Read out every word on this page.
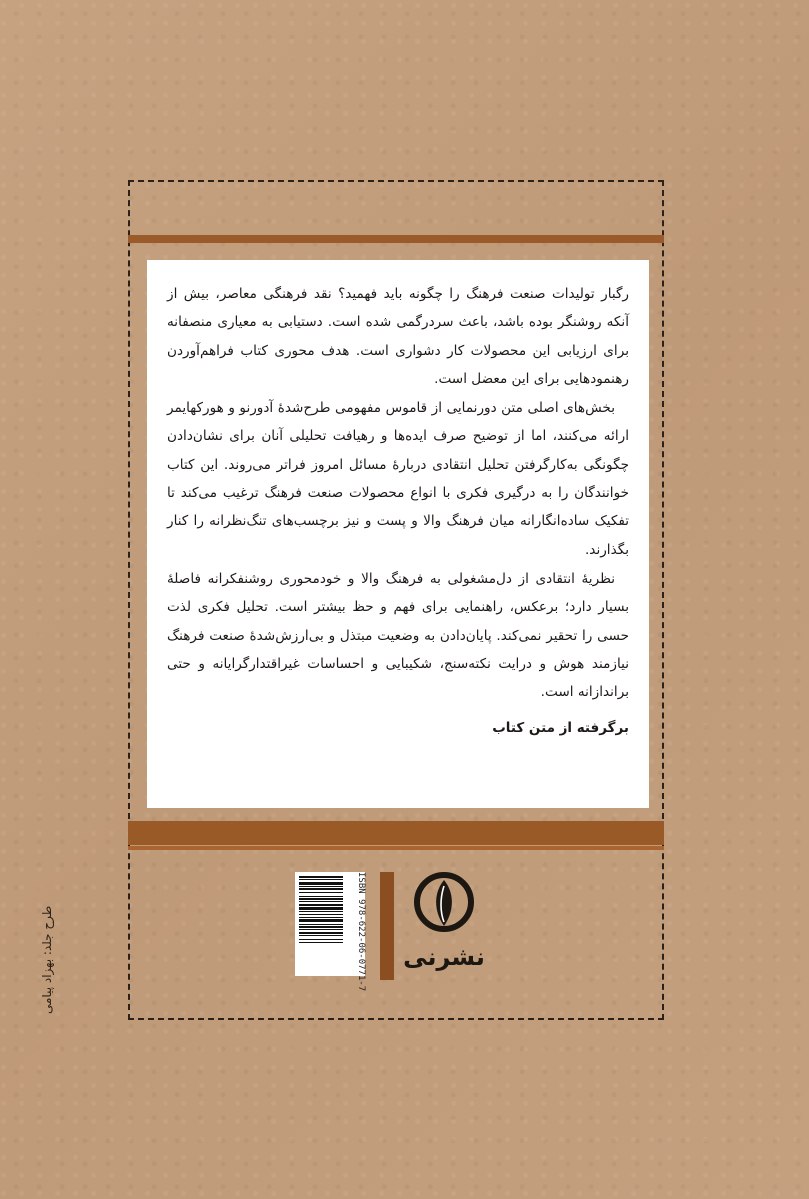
رگبار تولیدات صنعت فرهنگ را چگونه باید فهمید؟ نقد فرهنگی معاصر، بیش از آنکه روشنگر بوده باشد، باعث سردرگمی شده است. دستیابی به معیاری منصفانه برای ارزیابی این محصولات کار دشواری است. هدف محوری کتاب فراهم‌آوردن رهنمودهایی برای این معضل است.

بخش‌های اصلی متن دورنمایی از قاموس مفهومی طرح‌شدهٔ آدورنو و هورکهایمر ارائه می‌کنند، اما از توضیح صرف ایده‌ها و رهیافت تحلیلی آنان برای نشان‌دادن چگونگی به‌کارگرفتن تحلیل انتقادی دربارهٔ مسائل امروز فراتر می‌روند. این کتاب خوانندگان را به درگیری فکری با انواع محصولات صنعت فرهنگ ترغیب می‌کند تا تفکیک ساده‌انگارانه میان فرهنگ والا و پست و نیز برچسب‌های تنگ‌نظرانه را کنار بگذارند.

نظریهٔ انتقادی از دل‌مشغولی به فرهنگ والا و خودمحوری روشنفکرانه فاصلهٔ بسیار دارد؛ برعکس، راهنمایی برای فهم و حظ بیشتر است. تحلیل فکری لذت حسی را تحقیر نمی‌کند. پایان‌دادن به وضعیت مبتذل و بی‌ارزش‌شدهٔ صنعت فرهنگ نیازمند هوش و درایت نکته‌سنج، شکیبایی و احساسات غیراقتدارگرایانه و حتی براندازانه است.

برگرفته از متن کتاب
ISBN 978-622-06-0771-7 نشرنی
طرح جلد: بهزاد پیامی
